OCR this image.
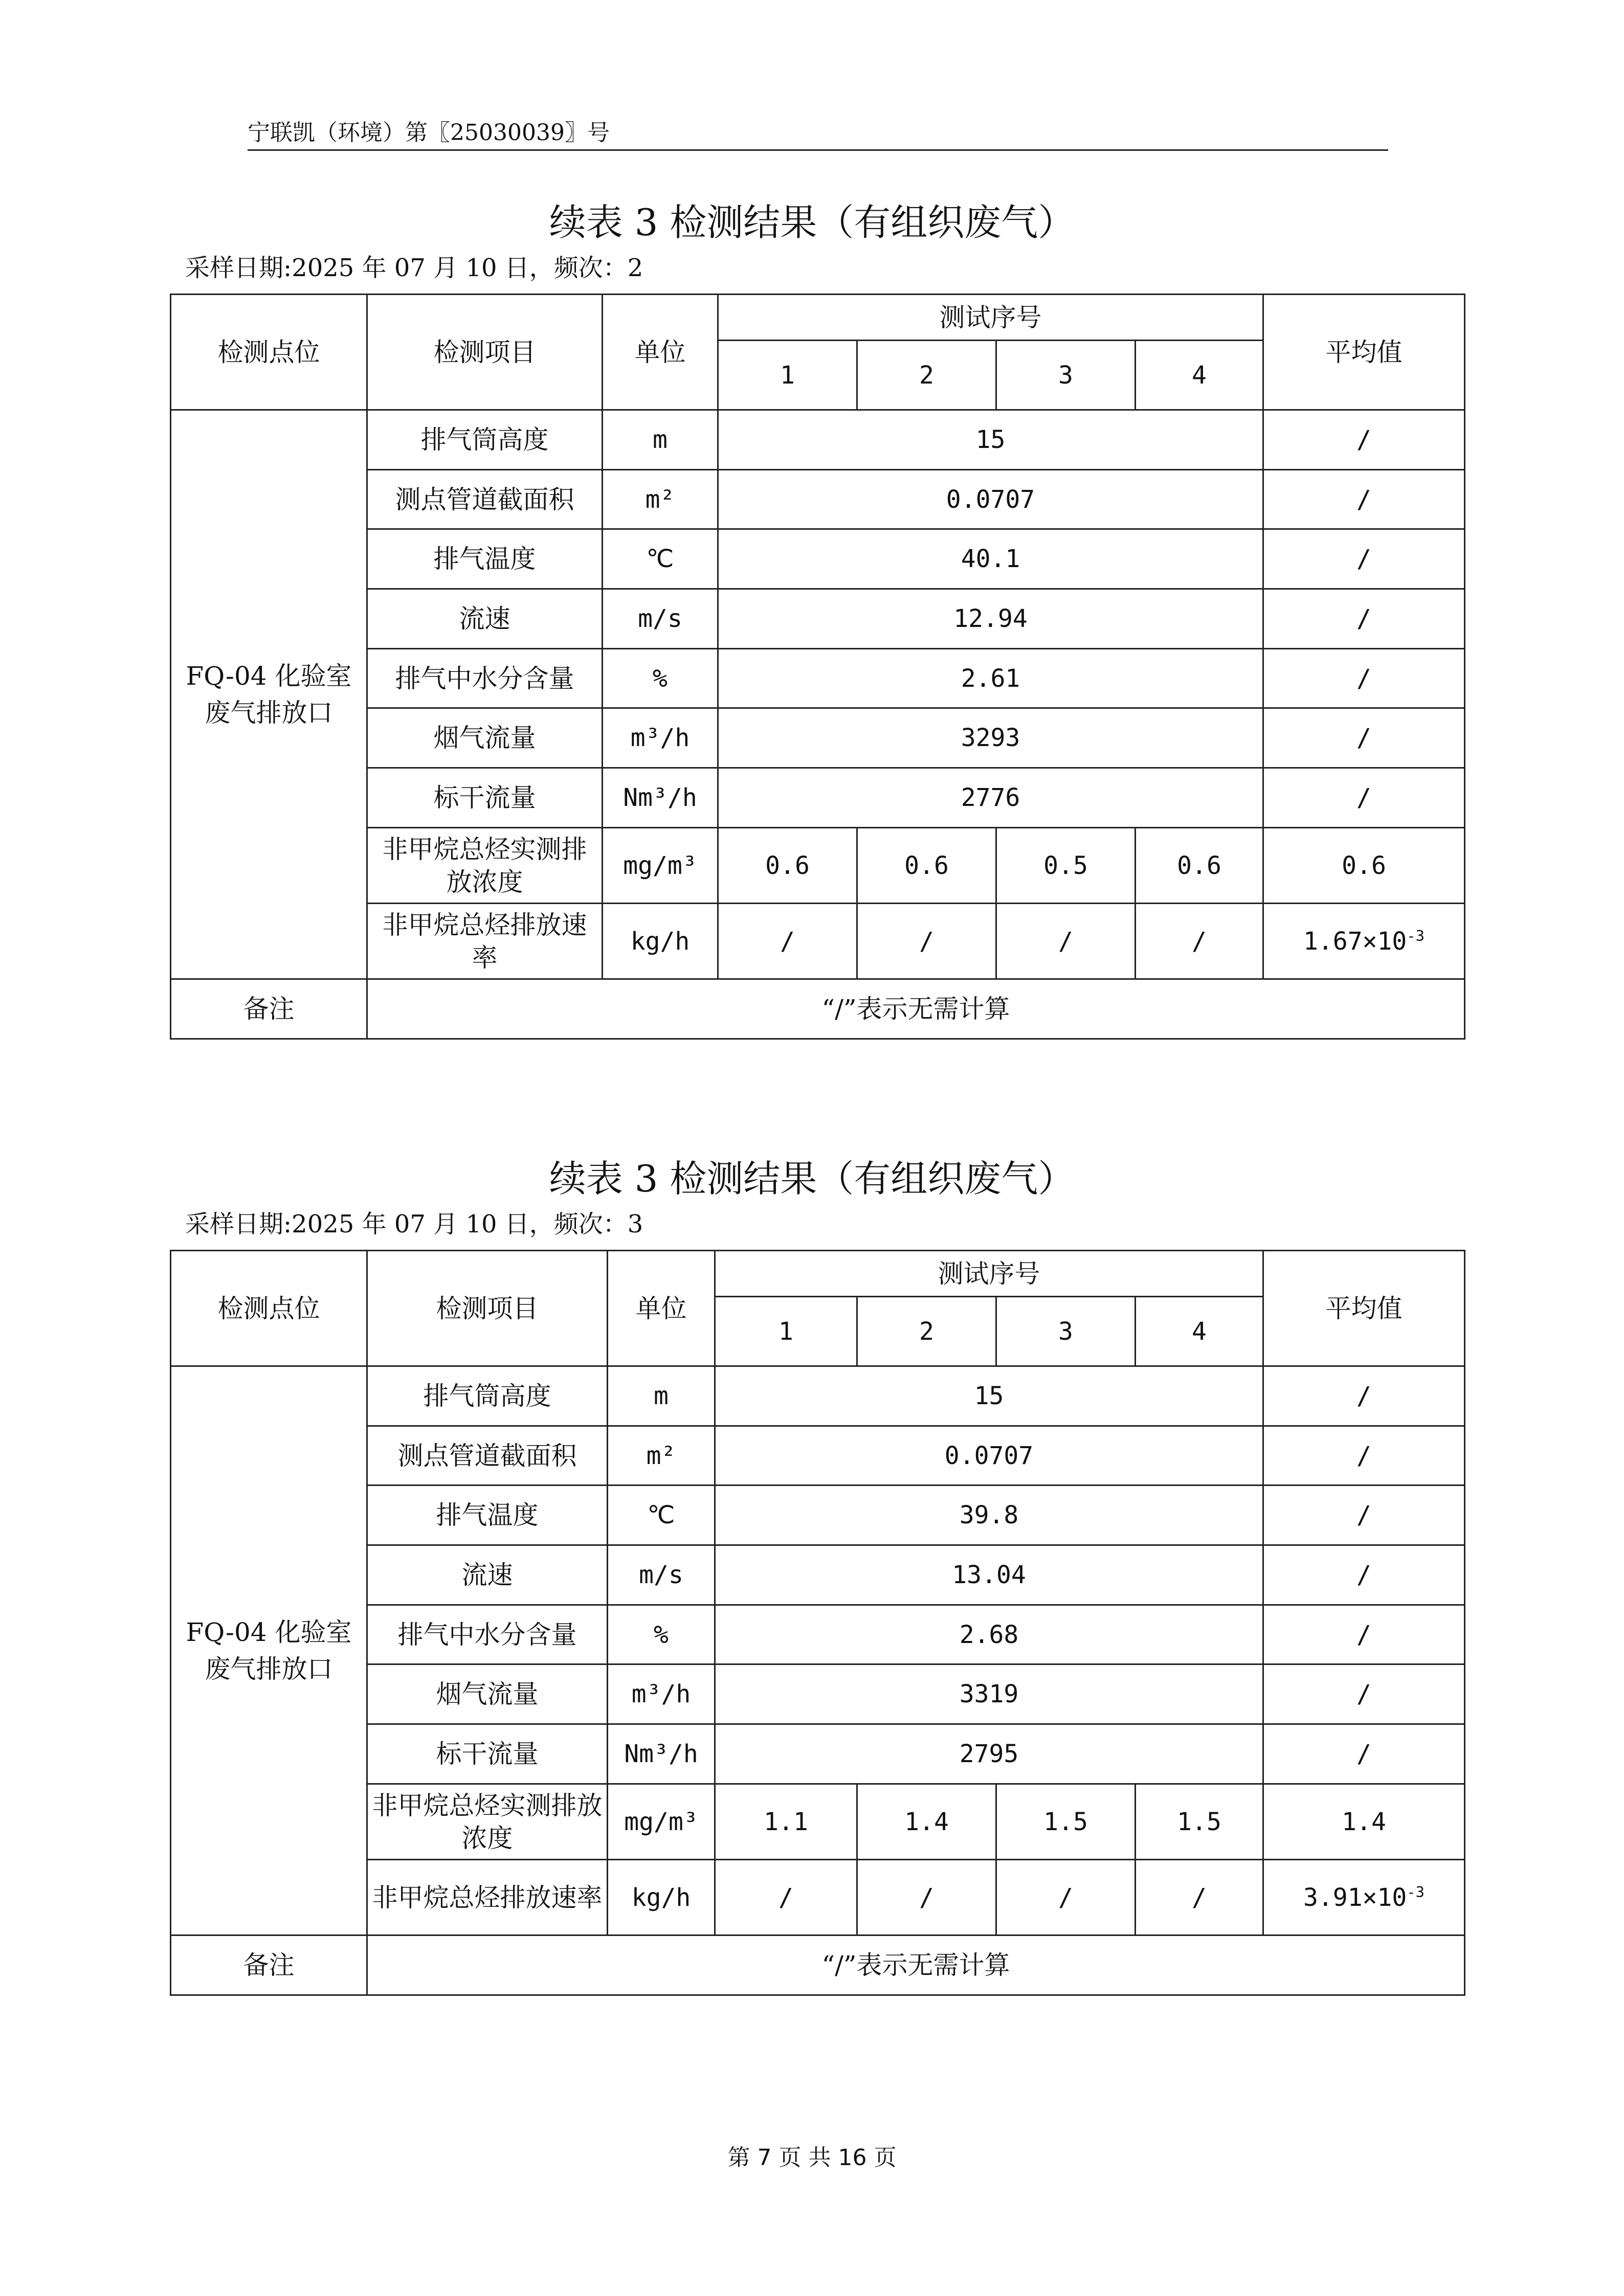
宁联凯（环境）第〖25030039〗号
续表 3 检测结果（有组织废气）
采样日期:2025 年 07 月 10 日，频次：2
检测点位	检测项目	单位	测试序号				平均值
			1	2	3	4	
FQ-04 化验室废气排放口	排气筒高度	m	15				/
	测点管道截面积	m²	0.0707				/
	排气温度	℃	40.1				/
	流速	m/s	12.94				/
	排气中水分含量	%	2.61				/
	烟气流量	m³/h	3293				/
	标干流量	Nm³/h	2776				/
	非甲烷总烃实测排放浓度	mg/m³	0.6	0.6	0.5	0.6	0.6
	非甲烷总烃排放速率	kg/h	/	/	/	/	$1.67\times 10^{-3}$
备注	“/”表示无需计算						
续表 3 检测结果（有组织废气）
采样日期:2025 年 07 月 10 日，频次：3
检测点位	检测项目	单位	测试序号				平均值
			1	2	3	4	
FQ-04 化验室废气排放口	排气筒高度	m	15				/
	测点管道截面积	m²	0.0707				/
	排气温度	℃	39.8				/
	流速	m/s	13.04				/
	排气中水分含量	%	2.68				/
	烟气流量	m³/h	3319				/
	标干流量	Nm³/h	2795				/
	非甲烷总烃实测排放浓度	mg/m³	1.1	1.4	1.5	1.5	1.4
	非甲烷总烃排放速率	kg/h	/	/	/	/	$3.91\times 10^{-3}$
备注	“/”表示无需计算						
第 7 页 共 16 页
